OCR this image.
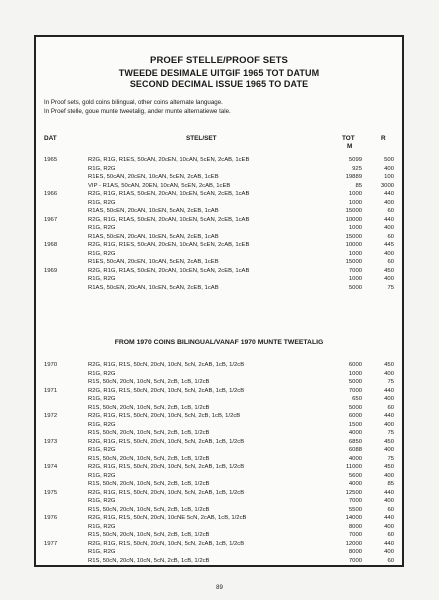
PROEF STELLE/PROOF SETS
TWEEDE DESIMALE UITGIF 1965 TOT DATUM
SECOND DECIMAL ISSUE 1965 TO DATE
In Proof sets, gold coins bilingual, other coins alternate language.
In Proef stelle, goue munte tweetalig, ander munte alternatiewe tale.
DAT	STEL/SET	TOT	R
M
1965	R2G, R1G, R1ES, 50cAN, 20cEN, 10cAN, 5cEN, 2cAB, 1cEB	5099	500
R1G, R2G	925	400
R1ES, 50cAN, 20cEN, 10cAN, 5cEN, 2cAB, 1cEB	19889	100
VIP - R1AS, 50cAN, 20EN, 10cAN, 5cEN, 2cAB, 1cEB	85	3000
1966	R2G, R1G, R1AS, 50cEN, 20cAN, 10cEN, 5cAN, 2cEB, 1cAB	1000	440
R1G, R2G	1000	400
R1AS, 50cEN, 20cAN, 10cEN, 5cAN, 2cEB, 1cAB	15000	60
1967	R2G, R1G, R1AS, 50cEN, 20cAN, 10cEN, 5cAN, 2cEB, 1cAB	10000	440
R1G, R2G	1000	400
R1AS, 50cEN, 20cAN, 10cEN, 5cAN, 2cEB, 1cAB	15000	60
1968	R2G, R1G, R1ES, 50cAN, 20cEN, 10cAN, 5cEN, 2cAB, 1cEB	10000	445
R1G, R2G	1000	400
R1ES, 50cAN, 20cEN, 10cAN, 5cEN, 2cAB, 1cEB	15000	60
1969	R2G, R1G, R1AS, 50cEN, 20cAN, 10cEN, 5cAN, 2cEB, 1cAB	7000	450
R1G, R2G	1000	400
R1AS, 50cEN, 20cAN, 10cEN, 5cAN, 2cEB, 1cAB	5000	75
FROM 1970 COINS BILINGUAL/VANAF 1970 MUNTE TWEETALIG
1970	R2G, R1G, R1S, 50cN, 20cN, 10cN, 5cN, 2cAB, 1cB, 1/2cB	6000	450
R1G, R2G	1000	400
R1S, 50cN, 20cN, 10cN, 5cN, 2cB, 1cB, 1/2cB	5000	75
1971	R2G, R1G, R1S, 50cN, 20cN, 10cN, 5cN, 2cAB, 1cB, 1/2cB	7000	440
R1G, R2G	650	400
R1S, 50cN, 20cN, 10cN, 5cN, 2cB, 1cB, 1/2cB	5000	60
1972	R2G, R1G, R1S, 50cN, 20cN, 10cN, 5cN, 2cB, 1cB, 1/2cB	6000	440
R1G, R2G	1500	400
R1S, 50cN, 20cN, 10cN, 5cN, 2cB, 1cB, 1/2cB	4000	75
1973	R2G, R1G, R1S, 50cN, 20cN, 10cN, 5cN, 2cAB, 1cB, 1/2cB	6850	450
R1G, R2G	6088	400
R1S, 50cN, 20cN, 10cN, 5cN, 2cB, 1cB, 1/2cB	4000	75
1974	R2G, R1G, R1S, 50cN, 20cN, 10cN, 5cN, 2cAB, 1cB, 1/2cB	11000	450
R1G, R2G	5600	400
R1S, 50cN, 20cN, 10cN, 5cN, 2cB, 1cB, 1/2cB	4000	85
1975	R2G, R1G, R1S, 50cN, 20cN, 10cN, 5cN, 2cAB, 1cB, 1/2cB	12500	440
R1G, R2G	7000	400
R1S, 50cN, 20cN, 10cN, 5cN, 2cB, 1cB, 1/2cB	5500	60
1976	R2G, R1G, R1S, 50cN, 20cN, 10cNE 5cN, 2cAB, 1cB, 1/2cB	14000	440
R1G, R2G	8000	400
R1S, 50cN, 20cN, 10cN, 5cN, 2cB, 1cB, 1/2cB	7000	60
1977	R2G, R1G, R1S, 50cN, 20cN, 10cN, 5cN, 2cAB, 1cB, 1/2cB	12000	440
R1G, R2G	8000	400
R1S, 50cN, 20cN, 10cN, 5cN, 2cB, 1cB, 1/2cB	7000	60
89
